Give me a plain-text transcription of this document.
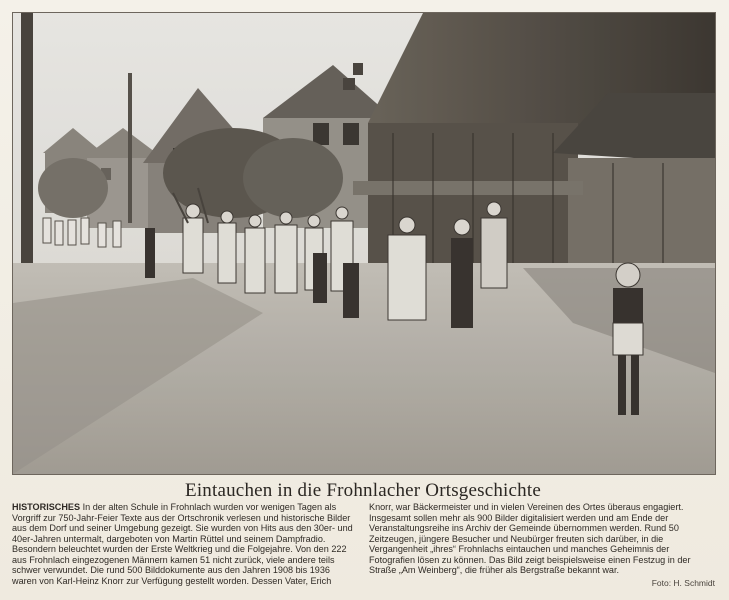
Eintauchen in die Frohnlacher Ortsgeschichte
HISTORISCHES In der alten Schule in Frohnlach wurden vor wenigen Tagen als Vorgriff zur 750-Jahr-Feier Texte aus der Ortschronik verlesen und historische Bilder aus dem Dorf und seiner Umgebung gezeigt. Sie wurden von Hits aus den 30er- und 40er-Jahren untermalt, dargeboten von Martin Rüttel und seinem Dampfradio. Besondern beleuchtet wurden der Erste Weltkrieg und die Folgejahre. Von den 222 aus Frohnlach eingezogenen Männern kamen 51 nicht zurück, viele andere teils schwer verwundet. Die rund 500 Bilddokumente aus den Jahren 1908 bis 1936 waren von Karl-Heinz Knorr zur Verfügung gestellt worden. Dessen Vater, Erich Knorr, war Bäckermeister und in vielen Vereinen des Ortes überaus engagiert. Insgesamt sollen mehr als 900 Bilder digitalisiert werden und am Ende der Veranstaltungsreihe ins Archiv der Gemeinde übernommen werden. Rund 50 Zeitzeugen, jüngere Besucher und Neubürger freuten sich darüber, in die Vergangenheit „ihres“ Frohnlachs eintauchen und manches Geheimnis der Fotografien lösen zu können. Das Bild zeigt beispielsweise einen Festzug in der Straße „Am Weinberg“, die früher als Bergstraße bekannt war.
Foto: H. Schmidt
